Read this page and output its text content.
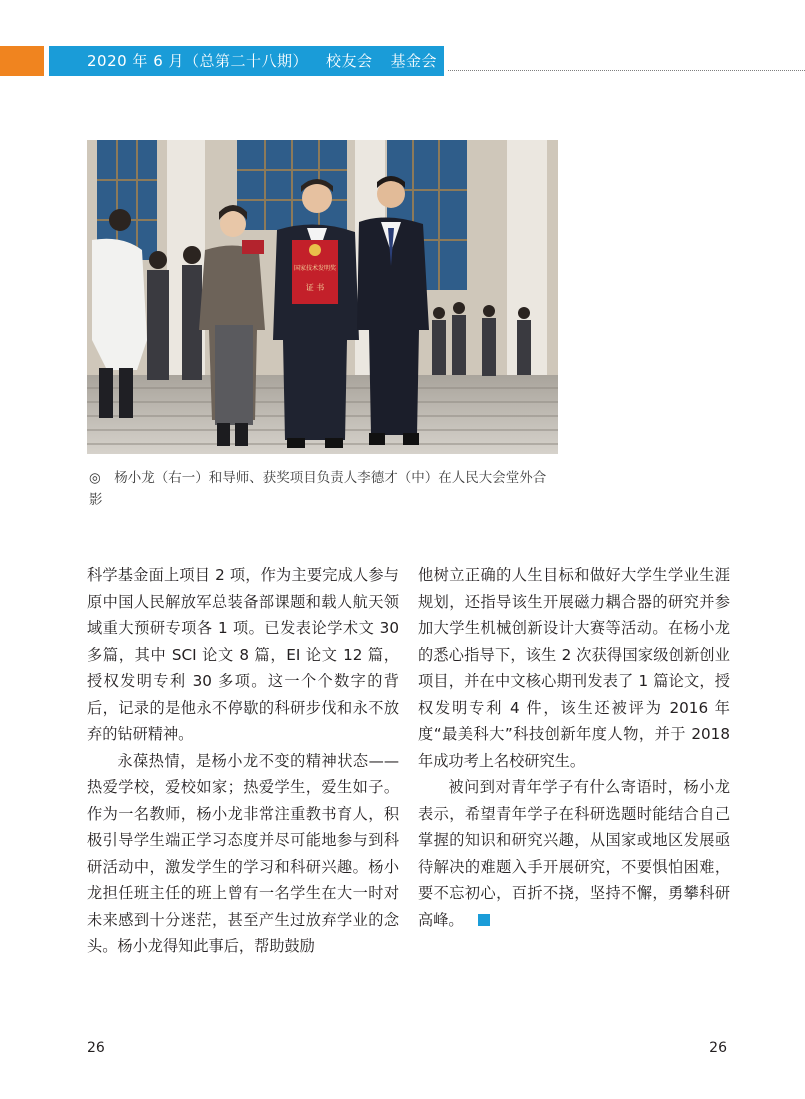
2020 年 6 月（总第二十八期） 校友会 基金会
国家技术发明奖
证 书
◎　杨小龙（右一）和导师、获奖项目负责人李德才（中）在人民大会堂外合影

科学基金面上项目 2 项，作为主要完成人参与原中国人民解放军总装备部课题和载人航天领域重大预研专项各 1 项。已发表论学术文 30 多篇，其中 SCI 论文 8 篇，EI 论文 12 篇，授权发明专利 30 多项。这一个个数字的背后，记录的是他永不停歇的科研步伐和永不放弃的钻研精神。

永葆热情，是杨小龙不变的精神状态——热爱学校，爱校如家；热爱学生，爱生如子。作为一名教师，杨小龙非常注重教书育人，积极引导学生端正学习态度并尽可能地参与到科研活动中，激发学生的学习和科研兴趣。杨小龙担任班主任的班上曾有一名学生在大一时对未来感到十分迷茫，甚至产生过放弃学业的念头。杨小龙得知此事后，帮助鼓励

他树立正确的人生目标和做好大学生学业生涯规划，还指导该生开展磁力耦合器的研究并参加大学生机械创新设计大赛等活动。在杨小龙的悉心指导下，该生 2 次获得国家级创新创业项目，并在中文核心期刊发表了 1 篇论文，授权发明专利 4 件，该生还被评为 2016 年度“最美科大”科技创新年度人物，并于 2018 年成功考上名校研究生。

被问到对青年学子有什么寄语时，杨小龙表示，希望青年学子在科研选题时能结合自己掌握的知识和研究兴趣，从国家或地区发展亟待解决的难题入手开展研究，不要惧怕困难，要不忘初心，百折不挠，坚持不懈，勇攀科研高峰。

26	26
